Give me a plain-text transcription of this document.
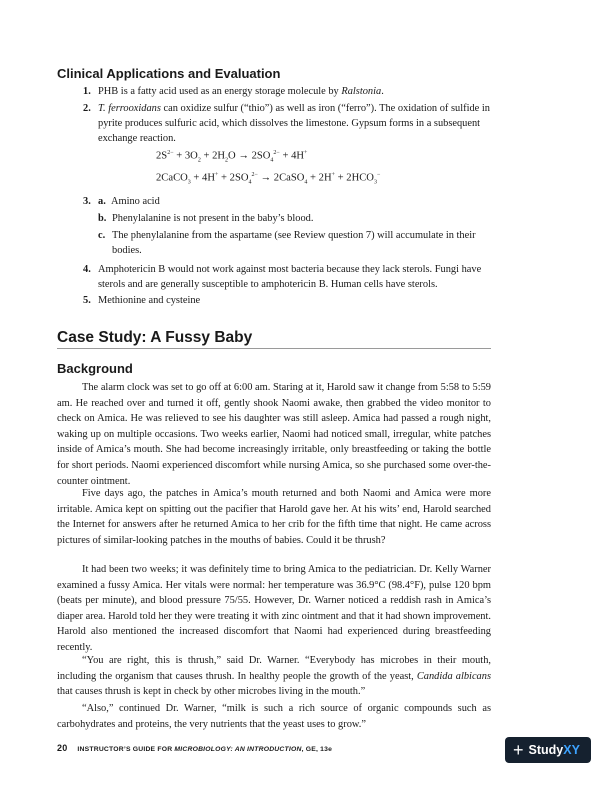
Clinical Applications and Evaluation
1. PHB is a fatty acid used as an energy storage molecule by Ralstonia.
2. T. ferrooxidans can oxidize sulfur (“thio”) as well as iron (“ferro”). The oxidation of sulfide in pyrite produces sulfuric acid, which dissolves the limestone. Gypsum forms in a subsequent exchange reaction.
$2S^{2-} + 3O_2 + 2H_2O \to 2SO_4^{2-} + 4H^+$
2CaCO$_3$ + $4H^+ + 2SO_4^{2-}$ → 2CaSO$_4$ + $2H^+ + 2HCO_3^-$
3. a. Amino acid
b. Phenylalanine is not present in the baby’s blood.
c. The phenylalanine from the aspartame (see Review question 7) will accumulate in their bodies.
4. Amphotericin B would not work against most bacteria because they lack sterols. Fungi have sterols and are generally susceptible to amphotericin B. Human cells have sterols.
5. Methionine and cysteine
Case Study: A Fussy Baby
Background

The alarm clock was set to go off at 6:00 am. Staring at it, Harold saw it change from 5:58 to 5:59 am. He reached over and turned it off, gently shook Naomi awake, then grabbed the video monitor to check on Amica. He was relieved to see his daughter was still asleep. Amica had passed a rough night, waking up on multiple occasions. Two weeks earlier, Naomi had noticed small, irregular, white patches inside of Amica’s mouth. She had become increasingly irritable, only breastfeeding or taking the bottle for short periods. Naomi experienced discomfort while nursing Amica, so she purchased some over-the-counter ointment.

Five days ago, the patches in Amica’s mouth returned and both Naomi and Amica were more irritable. Amica kept on spitting out the pacifier that Harold gave her. At his wits’ end, Harold searched the Internet for answers after he returned Amica to her crib for the fifth time that night. He came across pictures of similar-looking patches in the mouths of babies. Could it be thrush?

It had been two weeks; it was definitely time to bring Amica to the pediatrician. Dr. Kelly Warner examined a fussy Amica. Her vitals were normal: her temperature was 36.9°C (98.4°F), pulse 120 bpm (beats per minute), and blood pressure 75/55. However, Dr. Warner noticed a reddish rash in Amica’s diaper area. Harold told her they were treating it with zinc ointment and that it had shown improvement. Harold also mentioned the increased discomfort that Naomi had experienced during breastfeeding recently.

“You are right, this is thrush,” said Dr. Warner. “Everybody has microbes in their mouth, including the organism that causes thrush. In healthy people the growth of the yeast, Candida albicans that causes thrush is kept in check by other microbes living in the mouth.”

“Also,” continued Dr. Warner, “milk is such a rich source of organic compounds such as carbohydrates and proteins, the very nutrients that the yeast uses to grow.”

20 INSTRUCTOR’S GUIDE FOR MICROBIOLOGY: AN INTRODUCTION, GE, 13e	+ StudyXY
